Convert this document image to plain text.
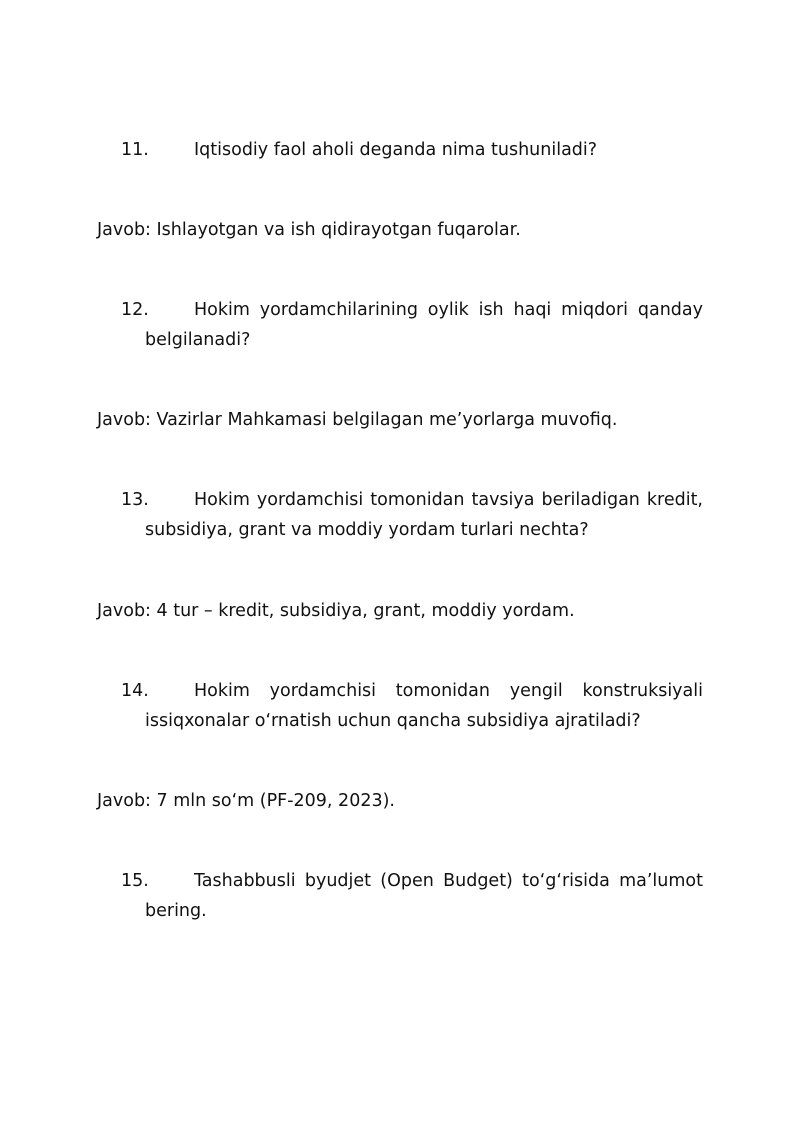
11.	Iqtisodiy faol aholi deganda nima tushuniladi?
Javob: Ishlayotgan va ish qidirayotgan fuqarolar.
12.	Hokim yordamchilarining oylik ish haqi miqdori qanday
belgilanadi?
Javob: Vazirlar Mahkamasi belgilagan me’yorlarga muvofiq.
13.	Hokim yordamchisi tomonidan tavsiya beriladigan kredit,
subsidiya, grant va moddiy yordam turlari nechta?
Javob: 4 tur – kredit, subsidiya, grant, moddiy yordam.
14.	Hokim yordamchisi tomonidan yengil konstruksiyali
issiqxonalar o‘rnatish uchun qancha subsidiya ajratiladi?
Javob: 7 mln so‘m (PF-209, 2023).
15.	Tashabbusli byudjet (Open Budget) to‘g‘risida ma’lumot
bering.
